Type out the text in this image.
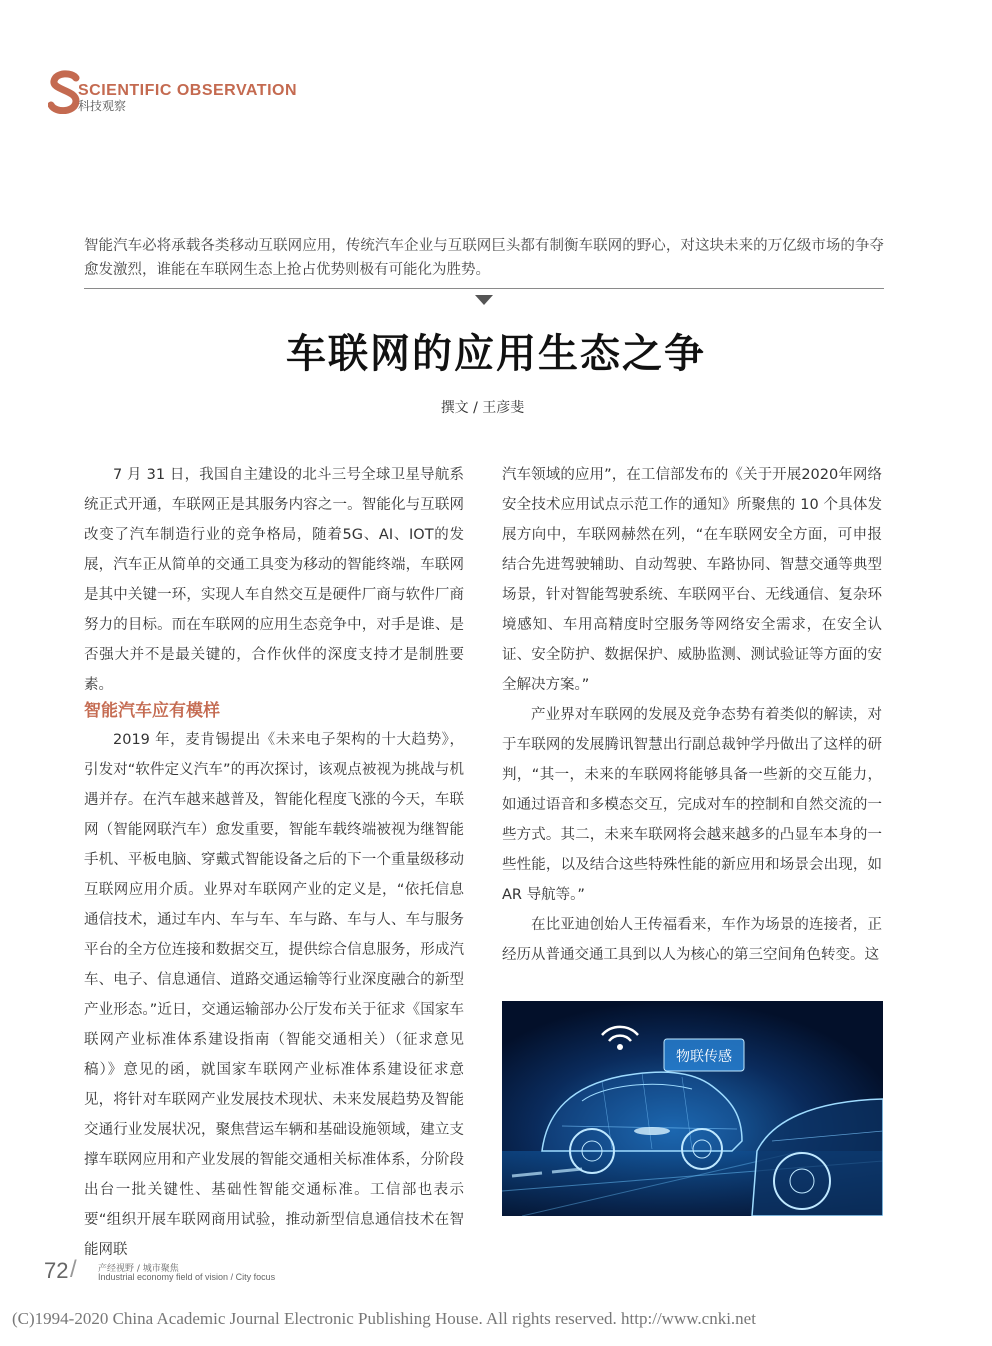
SCIENTIFIC OBSERVATION
科技观察
智能汽车必将承载各类移动互联网应用，传统汽车企业与互联网巨头都有制衡车联网的野心，对这块未来的万亿级市场的争夺愈发激烈，谁能在车联网生态上抢占优势则极有可能化为胜势。
车联网的应用生态之争
撰文 / 王彦斐

7 月 31 日，我国自主建设的北斗三号全球卫星导航系统正式开通，车联网正是其服务内容之一。智能化与互联网改变了汽车制造行业的竞争格局，随着5G、AI、IOT的发展，汽车正从简单的交通工具变为移动的智能终端，车联网是其中关键一环，实现人车自然交互是硬件厂商与软件厂商努力的目标。而在车联网的应用生态竞争中，对手是谁、是否强大并不是最关键的，合作伙伴的深度支持才是制胜要素。

智能汽车应有模样

2019 年，麦肯锡提出《未来电子架构的十大趋势》，引发对“软件定义汽车”的再次探讨，该观点被视为挑战与机遇并存。在汽车越来越普及，智能化程度飞涨的今天，车联网（智能网联汽车）愈发重要，智能车载终端被视为继智能手机、平板电脑、穿戴式智能设备之后的下一个重量级移动互联网应用介质。业界对车联网产业的定义是，“依托信息通信技术，通过车内、车与车、车与路、车与人、车与服务平台的全方位连接和数据交互，提供综合信息服务，形成汽车、电子、信息通信、道路交通运输等行业深度融合的新型产业形态。”近日，交通运输部办公厅发布关于征求《国家车联网产业标准体系建设指南（智能交通相关）（征求意见稿）》意见的函，就国家车联网产业标准体系建设征求意见，将针对车联网产业发展技术现状、未来发展趋势及智能交通行业发展状况，聚焦营运车辆和基础设施领域，建立支撑车联网应用和产业发展的智能交通相关标准体系，分阶段出台一批关键性、基础性智能交通标准。工信部也表示要“组织开展车联网商用试验，推动新型信息通信技术在智能网联

汽车领域的应用”，在工信部发布的《关于开展2020年网络安全技术应用试点示范工作的通知》所聚焦的 10 个具体发展方向中，车联网赫然在列，“在车联网安全方面，可申报结合先进驾驶辅助、自动驾驶、车路协同、智慧交通等典型场景，针对智能驾驶系统、车联网平台、无线通信、复杂环境感知、车用高精度时空服务等网络安全需求，在安全认证、安全防护、数据保护、威胁监测、测试验证等方面的安全解决方案。”

产业界对车联网的发展及竞争态势有着类似的解读，对于车联网的发展腾讯智慧出行副总裁钟学丹做出了这样的研判，“其一，未来的车联网将能够具备一些新的交互能力，如通过语音和多模态交互，完成对车的控制和自然交流的一些方式。其二，未来车联网将会越来越多的凸显车本身的一些性能，以及结合这些特殊性能的新应用和场景会出现，如 AR 导航等。”

在比亚迪创始人王传福看来，车作为场景的连接者，正经历从普通交通工具到以人为核心的第三空间角色转变。这

物联传感
72 / 产经视野 / 城市聚焦
Industrial economy field of vision / City focus
(C)1994-2020 China Academic Journal Electronic Publishing House. All rights reserved. http://www.cnki.net
